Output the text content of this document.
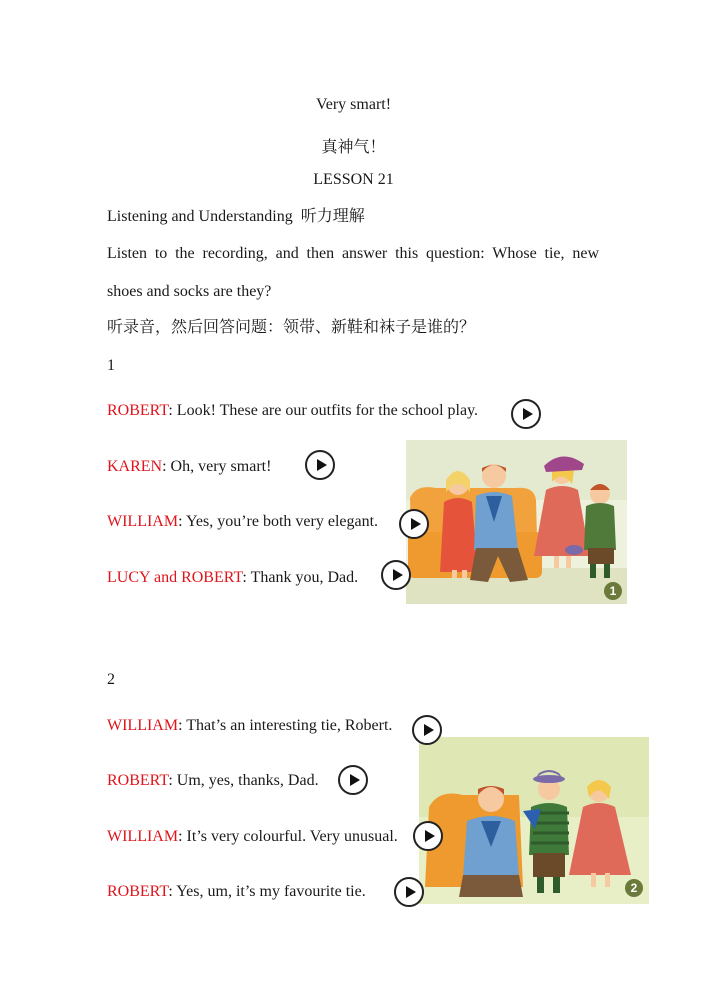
Very smart!
真神气！
LESSON 21
Listening and Understanding 听力理解
Listen to the recording, and then answer this question: Whose tie, new
shoes and socks are they?
听录音，然后回答问题：领带、新鞋和袜子是谁的？
1
1
ROBERT: Look! These are our outfits for the school play.
KAREN: Oh, very smart!
WILLIAM: Yes, you’re both very elegant.
LUCY and ROBERT: Thank you, Dad.
2
2
WILLIAM: That’s an interesting tie, Robert.
ROBERT: Um, yes, thanks, Dad.
WILLIAM: It’s very colourful. Very unusual.
ROBERT: Yes, um, it’s my favourite tie.
